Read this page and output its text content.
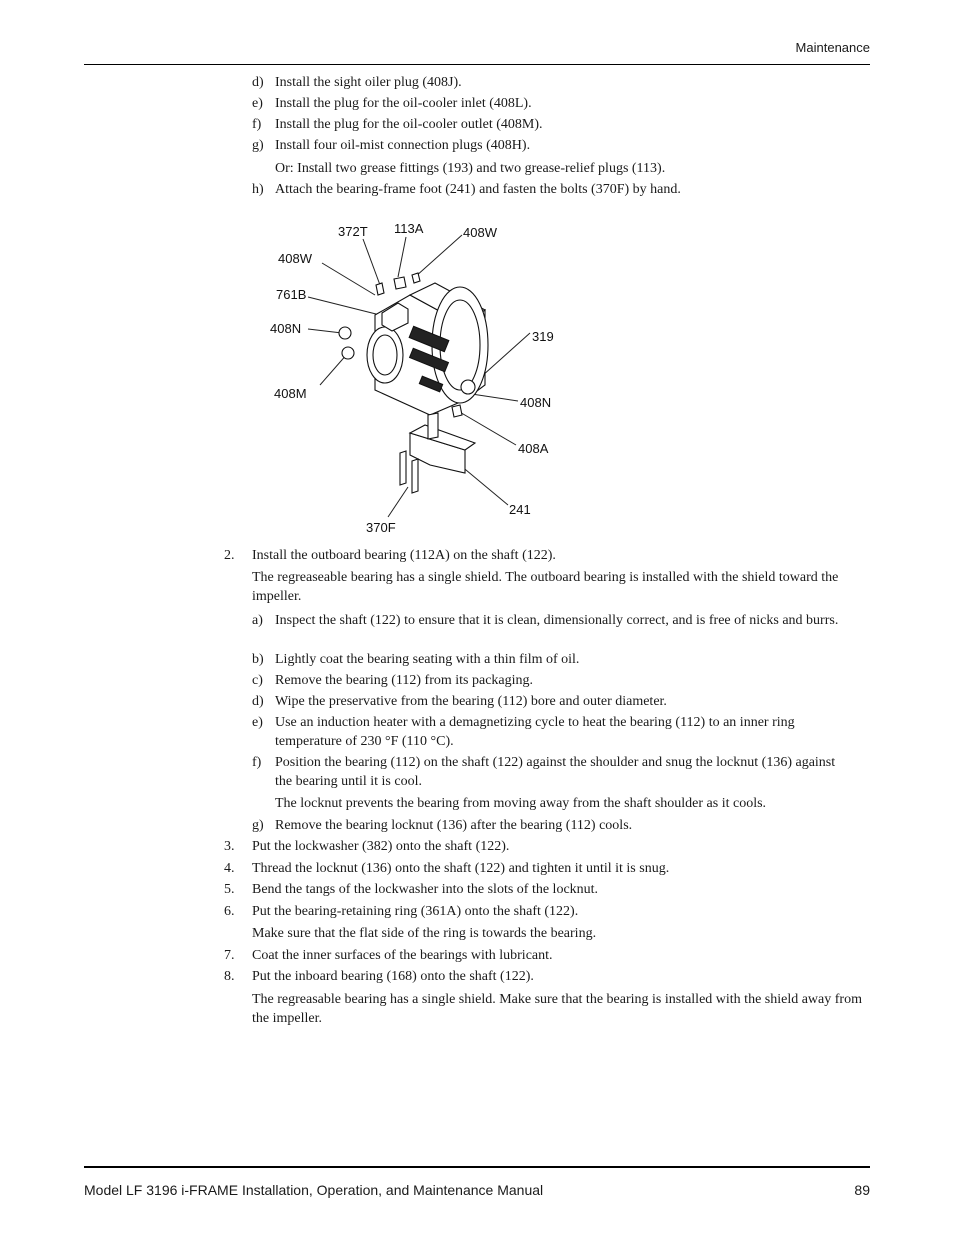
Maintenance
d) Install the sight oiler plug (408J).
e) Install the plug for the oil-cooler inlet (408L).
f) Install the plug for the oil-cooler outlet (408M).
g) Install four oil-mist connection plugs (408H).
Or: Install two grease fittings (193) and two grease-relief plugs (113).
h) Attach the bearing-frame foot (241) and fasten the bolts (370F) by hand.
372T 113A	408W
408W
761B
408N
319
408M
408N
408A
241
370F
2. Install the outboard bearing (112A) on the shaft (122).
The regreaseable bearing has a single shield. The outboard bearing is installed with the shield toward the impeller.
a) Inspect the shaft (122) to ensure that it is clean, dimensionally correct, and is free of nicks and burrs.
b) Lightly coat the bearing seating with a thin film of oil.
c) Remove the bearing (112) from its packaging.
d) Wipe the preservative from the bearing (112) bore and outer diameter.
e) Use an induction heater with a demagnetizing cycle to heat the bearing (112) to an inner ring temperature of 230 °F (110 °C).
f) Position the bearing (112) on the shaft (122) against the shoulder and snug the locknut (136) against the bearing until it is cool.
The locknut prevents the bearing from moving away from the shaft shoulder as it cools.
g) Remove the bearing locknut (136) after the bearing (112) cools.
3. Put the lockwasher (382) onto the shaft (122).
4. Thread the locknut (136) onto the shaft (122) and tighten it until it is snug.
5. Bend the tangs of the lockwasher into the slots of the locknut.
6. Put the bearing-retaining ring (361A) onto the shaft (122).
Make sure that the flat side of the ring is towards the bearing.
7. Coat the inner surfaces of the bearings with lubricant.
8. Put the inboard bearing (168) onto the shaft (122).
The regreasable bearing has a single shield. Make sure that the bearing is installed with the shield away from the impeller.
Model LF 3196 i-FRAME Installation, Operation, and Maintenance Manual	89
